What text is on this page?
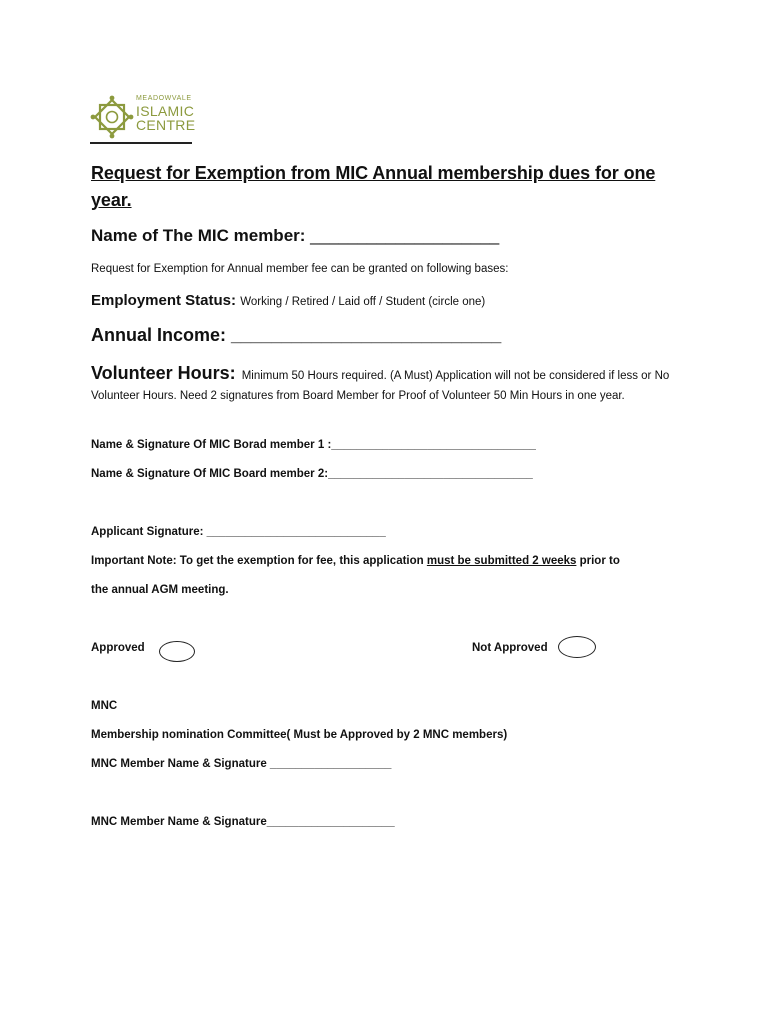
MEADOWVALE
ISLAMIC
CENTRE
Request for Exemption from MIC Annual membership dues for one year.
Name of The MIC member: ____________________
Request for Exemption for Annual member fee can be granted on following bases:
Employment Status: Working / Retired / Laid off / Student (circle one)
Annual Income: ___________________________
Volunteer Hours: Minimum 50 Hours required. (A Must) Application will not be considered if less or No Volunteer Hours. Need 2 signatures from Board Member for Proof of Volunteer 50 Min Hours in one year.
Name & Signature Of MIC Borad member 1 :________________________________
Name & Signature Of MIC Board member 2:________________________________
Applicant Signature: ____________________________
Important Note: To get the exemption for fee, this application must be submitted 2 weeks prior to
the annual AGM meeting.
Approved	Not Approved
MNC
Membership nomination Committee( Must be Approved by 2 MNC members)
MNC Member Name & Signature ___________________
MNC Member Name & Signature____________________
